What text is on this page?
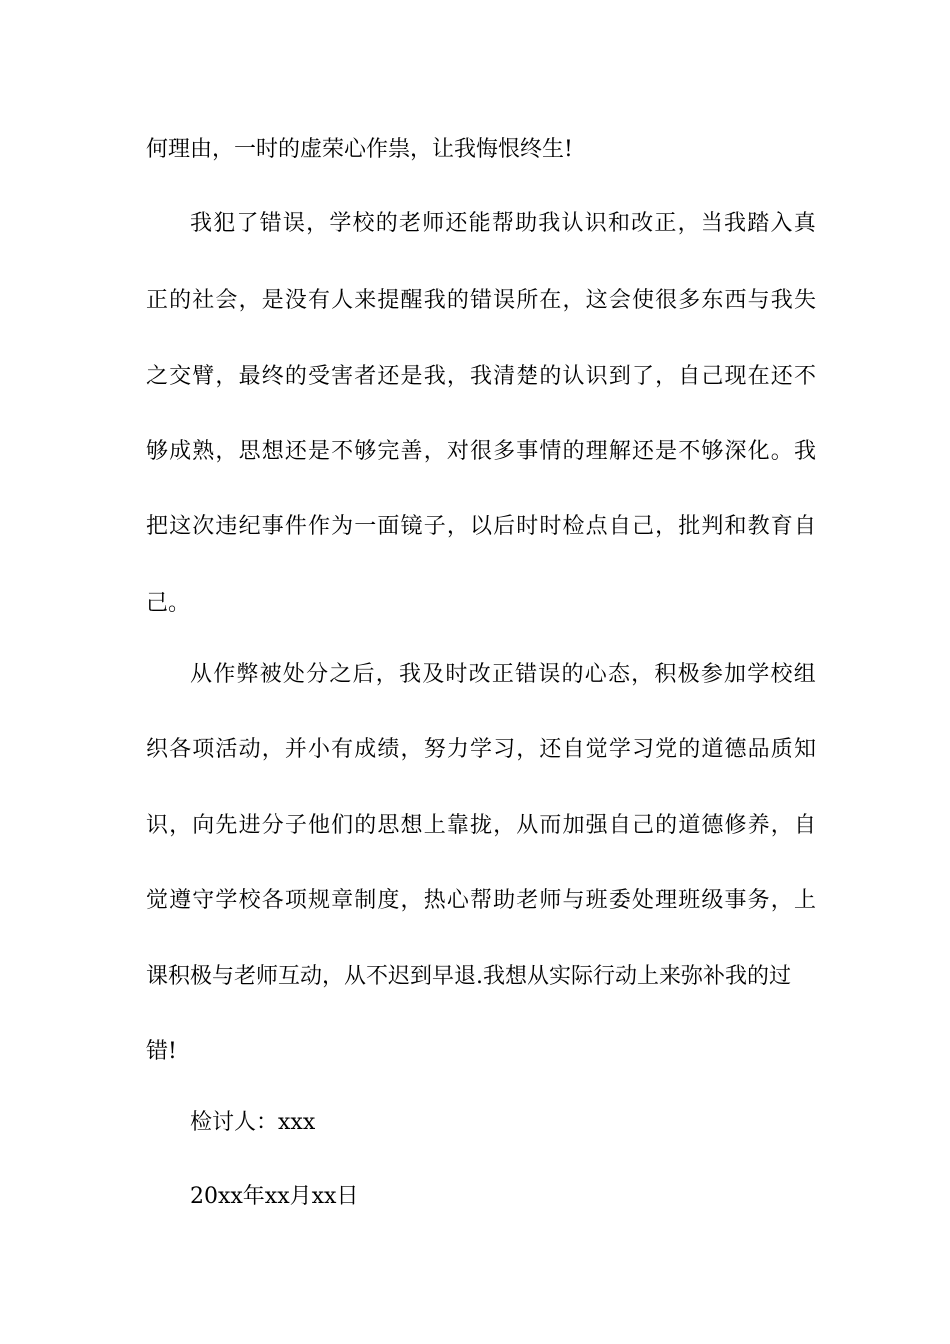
何理由，一时的虚荣心作祟，让我悔恨终生!
我 犯 了 错 误 ， 学 校 的 老 师 还 能 帮 助 我 认 识 和 改 正 ， 当 我 踏 入 真
正 的 社 会 ， 是 没 有 人 来 提 醒 我 的 错 误 所 在 ， 这 会 使 很 多 东 西 与 我 失
之 交 臂 ， 最 终 的 受 害 者 还 是 我 ， 我 清 楚 的 认 识 到 了 ， 自 己 现 在 还 不
够 成 熟 ， 思 想 还 是 不 够 完 善 ， 对 很 多 事 情 的 理 解 还 是 不 够 深 化 。 我
把 这 次 违 纪 事 件 作 为 一 面 镜 子 ， 以 后 时 时 检 点 自 己 ， 批 判 和 教 育 自
己。
从 作 弊 被 处 分 之 后 ， 我 及 时 改 正 错 误 的 心 态 ， 积 极 参 加 学 校 组
织 各 项 活 动 ， 并 小 有 成 绩 ， 努 力 学 习 ， 还 自 觉 学 习 党 的 道 德 品 质 知
识 ， 向 先 进 分 子 他 们 的 思 想 上 靠 拢 ， 从 而 加 强 自 己 的 道 德 修 养 ， 自
觉 遵 守 学 校 各 项 规 章 制 度 ， 热 心 帮 助 老 师 与 班 委 处 理 班 级 事 务 ， 上
课积极与老师互动，从不迟到早退.我想从实际行动上来弥补我的过
错!
检讨人：xxx
20xx年xx月xx日
